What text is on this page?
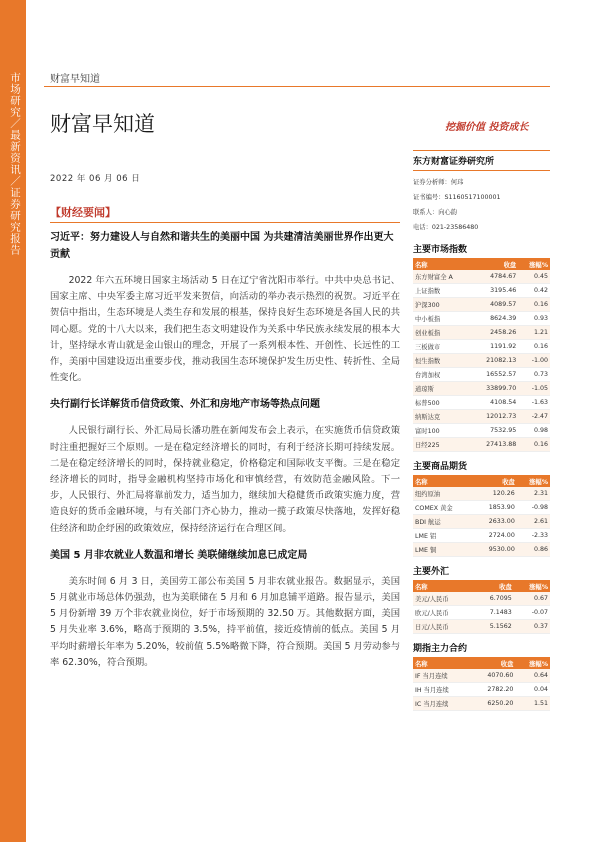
市场研究／最新资讯／证券研究报告	财富早知道
财富早知道	挖掘价值 投资成长
2022 年 06 月 06 日
【财经要闻】
习近平：努力建设人与自然和谐共生的美丽中国 为共建清洁美丽世界作出更大贡献
2022 年六五环境日国家主场活动 5 日在辽宁省沈阳市举行。中共中央总书记、国家主席、中央军委主席习近平发来贺信，向活动的举办表示热烈的祝贺。习近平在贺信中指出，生态环境是人类生存和发展的根基，保持良好生态环境是各国人民的共同心愿。党的十八大以来，我们把生态文明建设作为关系中华民族永续发展的根本大计，坚持绿水青山就是金山银山的理念，开展了一系列根本性、开创性、长远性的工作，美丽中国建设迈出重要步伐，推动我国生态环境保护发生历史性、转折性、全局性变化。
央行副行长详解货币信贷政策、外汇和房地产市场等热点问题
人民银行副行长、外汇局局长潘功胜在新闻发布会上表示，在实施货币信贷政策时注重把握好三个原则。一是在稳定经济增长的同时，有利于经济长期可持续发展。二是在稳定经济增长的同时，保持就业稳定，价格稳定和国际收支平衡。三是在稳定经济增长的同时，指导金融机构坚持市场化和审慎经营，有效防范金融风险。下一步，人民银行、外汇局将靠前发力，适当加力，继续加大稳健货币政策实施力度，营造良好的货币金融环境，与有关部门齐心协力，推动一揽子政策尽快落地，发挥好稳住经济和助企纾困的政策效应，保持经济运行在合理区间。
美国 5 月非农就业人数温和增长 美联储继续加息已成定局
美东时间 6 月 3 日，美国劳工部公布美国 5 月非农就业报告。数据显示，美国 5 月就业市场总体仍强劲，也为美联储在 5 月和 6 月加息铺平道路。报告显示，美国 5 月份新增 39 万个非农就业岗位，好于市场预期的 32.50 万。其他数据方面，美国 5 月失业率 3.6%，略高于预期的 3.5%，持平前值，接近疫情前的低点。美国 5 月平均时薪增长年率为 5.20%，较前值 5.5%略微下降，符合预期。美国 5 月劳动参与率 62.30%，符合预期。
东方财富证券研究所
证券分析师：何玮
证书编号：S1160517100001
联系人：向心韵
电话：021-23586480
主要市场指数
名称	收盘	涨幅%
东方财富全 A	4784.67	0.45
上证指数	3195.46	0.42
沪深300	4089.57	0.16
中小板指	8624.39	0.93
创业板指	2458.26	1.21
三板做市	1191.92	0.16
恒生指数	21082.13	-1.00
台湾加权	16552.57	0.73
道琼斯	33899.70	-1.05
标普500	4108.54	-1.63
纳斯达克	12012.73	-2.47
富时100	7532.95	0.98
日经225	27413.88	0.16
主要商品期货
名称	收盘	涨幅%
纽约原油	120.26	2.31
COMEX 黄金	1853.90	-0.98
BDI 航运	2633.00	2.61
LME 铝	2724.00	-2.33
LME 铜	9530.00	0.86
主要外汇
名称	收盘	涨幅%
美元/人民币	6.7095	0.67
欧元/人民币	7.1483	-0.07
日元/人民币	5.1562	0.37
期指主力合约
名称	收盘	涨幅%
IF 当月连续	4070.60	0.64
IH 当月连续	2782.20	0.04
IC 当月连续	6250.20	1.51
